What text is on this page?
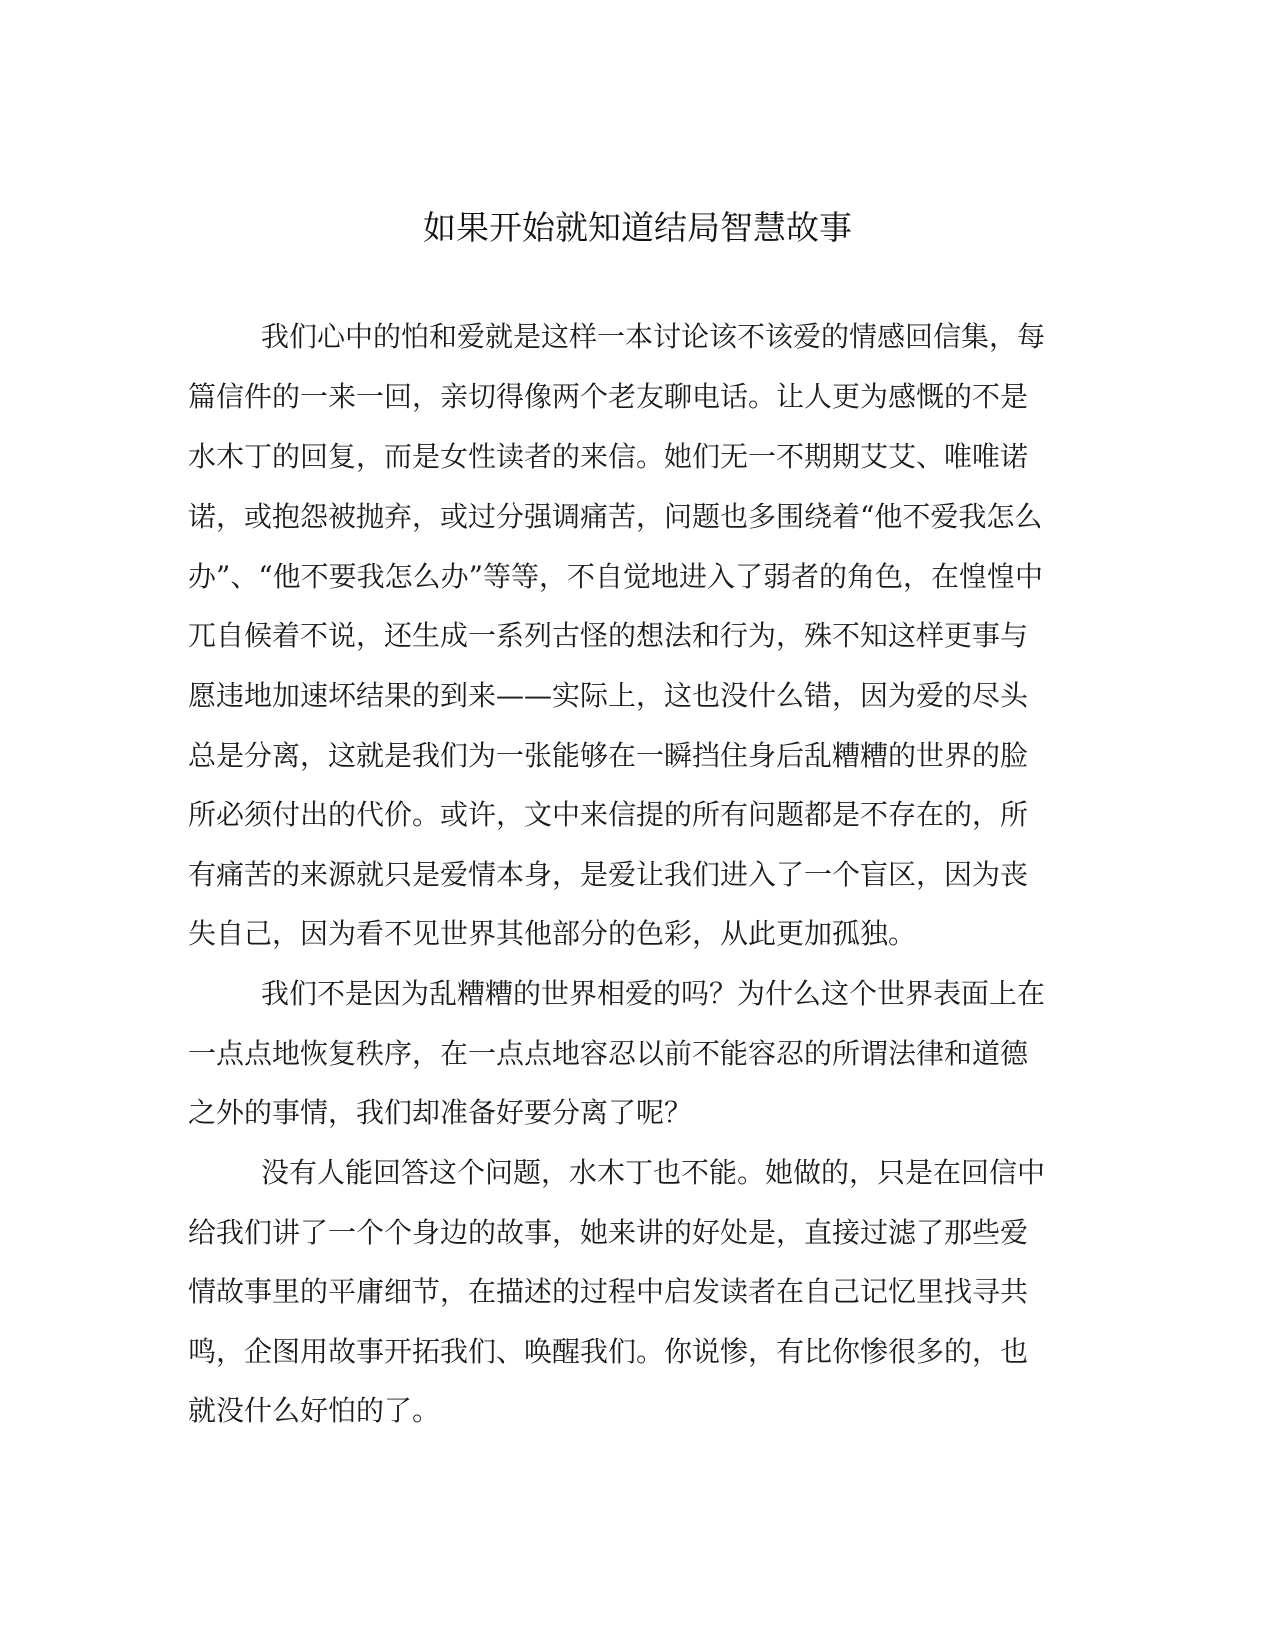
如果开始就知道结局智慧故事

我们心中的怕和爱就是这样一本讨论该不该爱的情感回信集，每

篇信件的一来一回，亲切得像两个老友聊电话。让人更为感慨的不是

水木丁的回复，而是女性读者的来信。她们无一不期期艾艾、唯唯诺

诺，或抱怨被抛弃，或过分强调痛苦，问题也多围绕着“他不爱我怎么

办”、“他不要我怎么办”等等，不自觉地进入了弱者的角色，在惶惶中

兀自候着不说，还生成一系列古怪的想法和行为，殊不知这样更事与

愿违地加速坏结果的到来——实际上，这也没什么错，因为爱的尽头

总是分离，这就是我们为一张能够在一瞬挡住身后乱糟糟的世界的脸

所必须付出的代价。或许，文中来信提的所有问题都是不存在的，所

有痛苦的来源就只是爱情本身，是爱让我们进入了一个盲区，因为丧

失自己，因为看不见世界其他部分的色彩，从此更加孤独。

我们不是因为乱糟糟的世界相爱的吗？为什么这个世界表面上在

一点点地恢复秩序，在一点点地容忍以前不能容忍的所谓法律和道德

之外的事情，我们却准备好要分离了呢？

没有人能回答这个问题，水木丁也不能。她做的，只是在回信中

给我们讲了一个个身边的故事，她来讲的好处是，直接过滤了那些爱

情故事里的平庸细节，在描述的过程中启发读者在自己记忆里找寻共

鸣，企图用故事开拓我们、唤醒我们。你说惨，有比你惨很多的，也

就没什么好怕的了。
